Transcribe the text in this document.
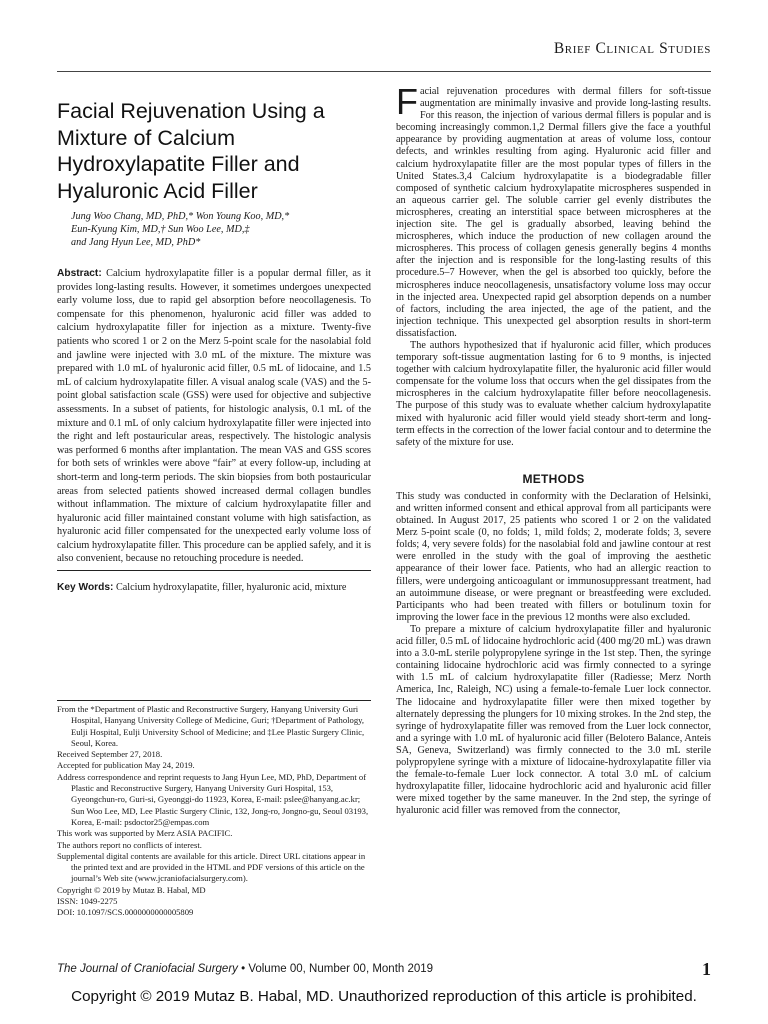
Brief Clinical Studies
Facial Rejuvenation Using a Mixture of Calcium Hydroxylapatite Filler and Hyaluronic Acid Filler
Jung Woo Chang, MD, PhD,* Won Young Koo, MD,*
Eun-Kyung Kim, MD,† Sun Woo Lee, MD,‡
and Jang Hyun Lee, MD, PhD*

Abstract: Calcium hydroxylapatite filler is a popular dermal filler, as it provides long-lasting results. However, it sometimes undergoes unexpected early volume loss, due to rapid gel absorption before neocollagenesis. To compensate for this phenomenon, hyaluronic acid filler was added to calcium hydroxylapatite filler for injection as a mixture. Twenty-five patients who scored 1 or 2 on the Merz 5-point scale for the nasolabial fold and jawline were injected with 3.0 mL of the mixture. The mixture was prepared with 1.0 mL of hyaluronic acid filler, 0.5 mL of lidocaine, and 1.5 mL of calcium hydroxylapatite filler. A visual analog scale (VAS) and the 5-point global satisfaction scale (GSS) were used for objective and subjective assessments. In a subset of patients, for histologic analysis, 0.1 mL of the mixture and 0.1 mL of only calcium hydroxylapatite filler were injected into the right and left postauricular areas, respectively. The histologic analysis was performed 6 months after implantation. The mean VAS and GSS scores for both sets of wrinkles were above “fair” at every follow-up, including at short-term and long-term periods. The skin biopsies from both postauricular areas from selected patients showed increased dermal collagen bundles without inflammation. The mixture of calcium hydroxylapatite filler and hyaluronic acid filler maintained constant volume with high satisfaction, as hyaluronic acid filler compensated for the unexpected early volume loss of calcium hydroxylapatite filler. This procedure can be applied safely, and it is also convenient, because no retouching procedure is needed.

Key Words: Calcium hydroxylapatite, filler, hyaluronic acid, mixture
From the *Department of Plastic and Reconstructive Surgery, Hanyang University Guri Hospital, Hanyang University College of Medicine, Guri; †Department of Pathology, Eulji Hospital, Eulji University School of Medicine; and ‡Lee Plastic Surgery Clinic, Seoul, Korea.
Received September 27, 2018.
Accepted for publication May 24, 2019.
Address correspondence and reprint requests to Jang Hyun Lee, MD, PhD, Department of Plastic and Reconstructive Surgery, Hanyang University Guri Hospital, 153, Gyeongchun-ro, Guri-si, Gyeonggi-do 11923, Korea, E-mail: pslee@hanyang.ac.kr; Sun Woo Lee, MD, Lee Plastic Surgery Clinic, 132, Jong-ro, Jongno-gu, Seoul 03193, Korea, E-mail: psdoctor25@empas.com
This work was supported by Merz ASIA PACIFIC.
The authors report no conflicts of interest.
Supplemental digital contents are available for this article. Direct URL citations appear in the printed text and are provided in the HTML and PDF versions of this article on the journal’s Web site (www.jcraniofacialsurgery.com).
Copyright © 2019 by Mutaz B. Habal, MD
ISSN: 1049-2275
DOI: 10.1097/SCS.0000000000005809

Facial rejuvenation procedures with dermal fillers for soft-tissue augmentation are minimally invasive and provide long-lasting results. For this reason, the injection of various dermal fillers is popular and is becoming increasingly common.1,2 Dermal fillers give the face a youthful appearance by providing augmentation at areas of volume loss, contour defects, and wrinkles resulting from aging. Hyaluronic acid filler and calcium hydroxylapatite filler are the most popular types of fillers in the United States.3,4 Calcium hydroxylapatite is a biodegradable filler composed of synthetic calcium hydroxylapatite microspheres suspended in an aqueous carrier gel. The soluble carrier gel evenly distributes the microspheres, creating an interstitial space between microspheres at the injection site. The gel is gradually absorbed, leaving behind the microspheres, which induce the production of new collagen around the microspheres. This process of collagen genesis generally begins 4 months after the injection and is responsible for the long-lasting results of this procedure.5–7 However, when the gel is absorbed too quickly, before the microspheres induce neocollagenesis, unsatisfactory volume loss may occur in the injected area. Unexpected rapid gel absorption depends on a number of factors, including the area injected, the age of the patient, and the injection technique. This unexpected gel absorption results in short-term dissatisfaction.

The authors hypothesized that if hyaluronic acid filler, which produces temporary soft-tissue augmentation lasting for 6 to 9 months, is injected together with calcium hydroxylapatite filler, the hyaluronic acid filler would compensate for the volume loss that occurs when the gel dissipates from the microspheres in the calcium hydroxylapatite filler before neocollagenesis. The purpose of this study was to evaluate whether calcium hydroxylapatite mixed with hyaluronic acid filler would yield steady short-term and long-term effects in the correction of the lower facial contour and to determine the safety of the mixture for use.

METHODS

This study was conducted in conformity with the Declaration of Helsinki, and written informed consent and ethical approval from all participants were obtained. In August 2017, 25 patients who scored 1 or 2 on the validated Merz 5-point scale (0, no folds; 1, mild folds; 2, moderate folds; 3, severe folds; 4, very severe folds) for the nasolabial fold and jawline contour at rest were enrolled in the study with the goal of improving the aesthetic appearance of their lower face. Patients, who had an allergic reaction to fillers, were undergoing anticoagulant or immunosuppressant treatment, had an autoimmune disease, or were pregnant or breastfeeding were excluded. Participants who had been treated with fillers or botulinum toxin for improving the lower face in the previous 12 months were also excluded.

To prepare a mixture of calcium hydroxylapatite filler and hyaluronic acid filler, 0.5 mL of lidocaine hydrochloric acid (400 mg/20 mL) was drawn into a 3.0-mL sterile polypropylene syringe in the 1st step. Then, the syringe containing lidocaine hydrochloric acid was firmly connected to a syringe with 1.5 mL of calcium hydroxylapatite filler (Radiesse; Merz North America, Inc, Raleigh, NC) using a female-to-female Luer lock connector. The lidocaine and hydroxylapatite filler were then mixed together by alternately depressing the plungers for 10 mixing strokes. In the 2nd step, the syringe of hydroxylapatite filler was removed from the Luer lock connector, and a syringe with 1.0 mL of hyaluronic acid filler (Belotero Balance, Anteis SA, Geneva, Switzerland) was firmly connected to the 3.0 mL sterile polypropylene syringe with a mixture of lidocaine-hydroxylapatite filler via the female-to-female Luer lock connector. A total 3.0 mL of calcium hydroxylapatite filler, lidocaine hydrochloric acid and hyaluronic acid filler were mixed together by the same maneuver. In the 2nd step, the syringe of hyaluronic acid filler was removed from the connector,

The Journal of Craniofacial Surgery • Volume 00, Number 00, Month 2019	1
Copyright © 2019 Mutaz B. Habal, MD. Unauthorized reproduction of this article is prohibited.
